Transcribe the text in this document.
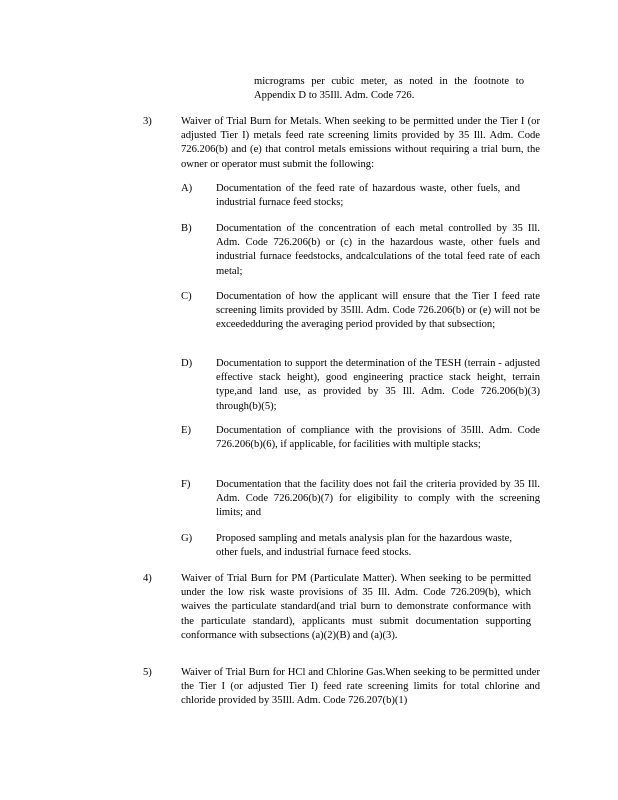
micrograms per cubic meter, as noted in the footnote to Appendix D to 35Ill. Adm. Code 726.
3)	Waiver of Trial Burn for Metals. When seeking to be permitted under the Tier I (or adjusted Tier I) metals feed rate screening limits provided by 35 Ill. Adm. Code 726.206(b) and (e) that control metals emissions without requiring a trial burn, the owner or operator must submit the following:
A) Documentation of the feed rate of hazardous waste, other fuels, and industrial furnace feed stocks;
B) Documentation of the concentration of each metal controlled by 35 Ill. Adm. Code 726.206(b) or (c) in the hazardous waste, other fuels and industrial furnace feedstocks, andcalculations of the total feed rate of each metal;
C) Documentation of how the applicant will ensure that the Tier I feed rate screening limits provided by 35Ill. Adm. Code 726.206(b) or (e) will not be exceededduring the averaging period provided by that subsection;
D) Documentation to support the determination of the TESH (terrain - adjusted effective stack height), good engineering practice stack height, terrain type,and land use, as provided by 35 Ill. Adm. Code 726.206(b)(3) through(b)(5);
E) Documentation of compliance with the provisions of 35Ill. Adm. Code 726.206(b)(6), if applicable, for facilities with multiple stacks;
F) Documentation that the facility does not fail the criteria provided by 35 Ill. Adm. Code 726.206(b)(7) for eligibility to comply with the screening limits; and
G) Proposed sampling and metals analysis plan for the hazardous waste, other fuels, and industrial furnace feed stocks.
4)	Waiver of Trial Burn for PM (Particulate Matter). When seeking to be permitted under the low risk waste provisions of 35 Ill. Adm. Code 726.209(b), which waives the particulate standard(and trial burn to demonstrate conformance with the particulate standard), applicants must submit documentation supporting conformance with subsections (a)(2)(B) and (a)(3).
5)	Waiver of Trial Burn for HCl and Chlorine Gas.When seeking to be permitted under the Tier I (or adjusted Tier I) feed rate screening limits for total chlorine and chloride provided by 35Ill. Adm. Code 726.207(b)(1)
